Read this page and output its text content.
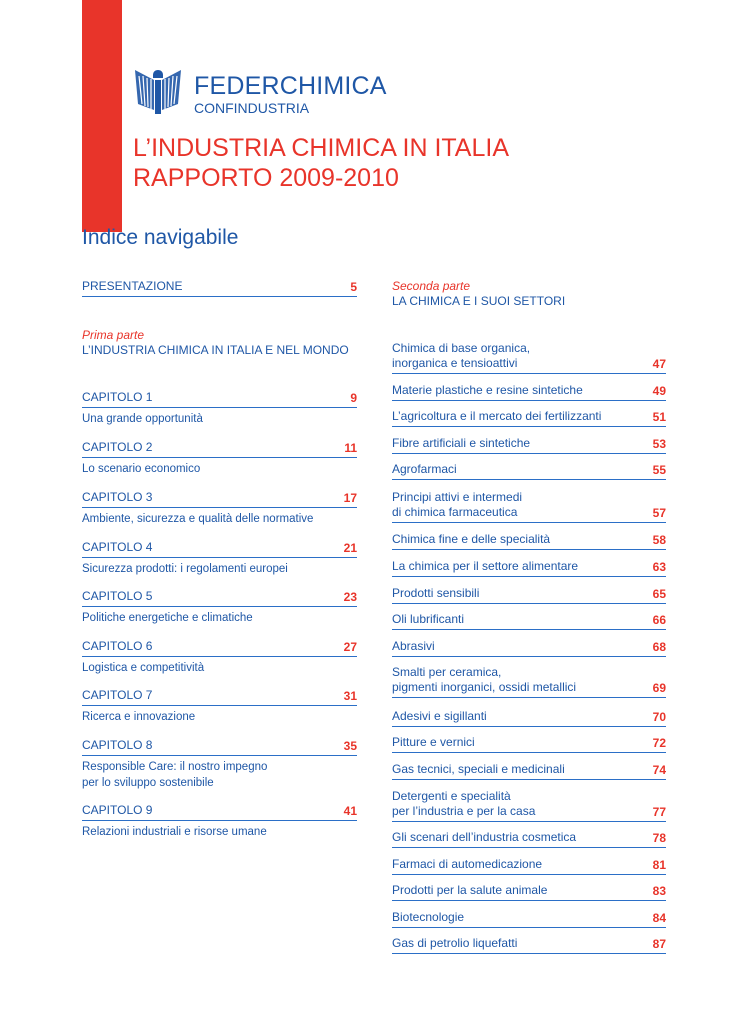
FEDERCHIMICA
CONFINDUSTRIA
L’INDUSTRIA CHIMICA IN ITALIA
RAPPORTO 2009-2010
Indice navigabile
PRESENTAZIONE	5
Prima parte
L’INDUSTRIA CHIMICA IN ITALIA E NEL MONDO
CAPITOLO 1	9
Una grande opportunità
CAPITOLO 2	11
Lo scenario economico
CAPITOLO 3	17
Ambiente, sicurezza e qualità delle normative
CAPITOLO 4	21
Sicurezza prodotti: i regolamenti europei
CAPITOLO 5	23
Politiche energetiche e climatiche
CAPITOLO 6	27
Logistica e competitività
CAPITOLO 7	31
Ricerca e innovazione
CAPITOLO 8	35
Responsible Care: il nostro impegno
per lo sviluppo sostenibile
CAPITOLO 9	41
Relazioni industriali e risorse umane
Seconda parte
LA CHIMICA E I SUOI SETTORI
Chimica di base organica,
inorganica e tensioattivi	47
Materie plastiche e resine sintetiche	49
L’agricoltura e il mercato dei fertilizzanti	51
Fibre artificiali e sintetiche	53
Agrofarmaci	55
Principi attivi e intermedi
di chimica farmaceutica	57
Chimica fine e delle specialità	58
La chimica per il settore alimentare	63
Prodotti sensibili	65
Oli lubrificanti	66
Abrasivi	68
Smalti per ceramica,
pigmenti inorganici, ossidi metallici	69
Adesivi e sigillanti	70
Pitture e vernici	72
Gas tecnici, speciali e medicinali	74
Detergenti e specialità
per l’industria e per la casa	77
Gli scenari dell’industria cosmetica	78
Farmaci di automedicazione	81
Prodotti per la salute animale	83
Biotecnologie	84
Gas di petrolio liquefatti	87
